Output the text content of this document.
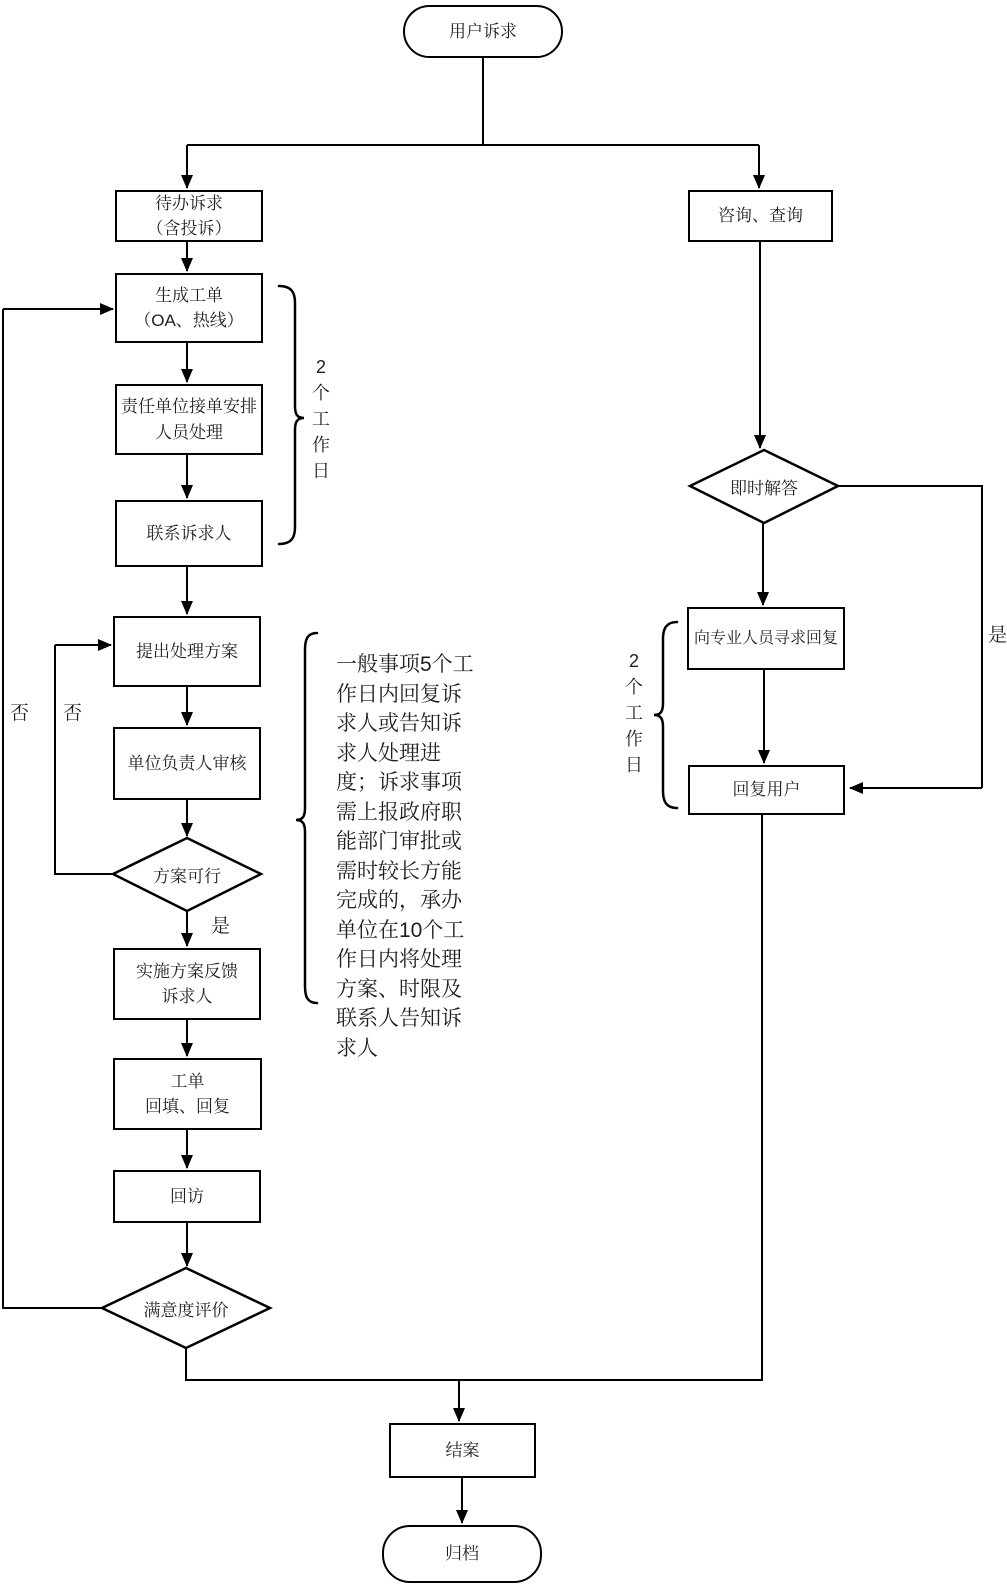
用户诉求
待办诉求
（含投诉）
生成工单
（OA、热线）
责任单位接单安排
人员处理
联系诉求人
提出处理方案
单位负责人审核
方案可行
实施方案反馈
诉求人
工单
回填、回复
回访
满意度评价
结案
归档
咨询、查询
即时解答
向专业人员寻求回复
回复用户
是
否
否
是
2个工作日
2个工作日
一般事项5个工作日内回复诉求人或告知诉求人处理进度；诉求事项需上报政府职能部门审批或需时较长方能完成的，承办单位在10个工作日内将处理方案、时限及联系人告知诉求人
